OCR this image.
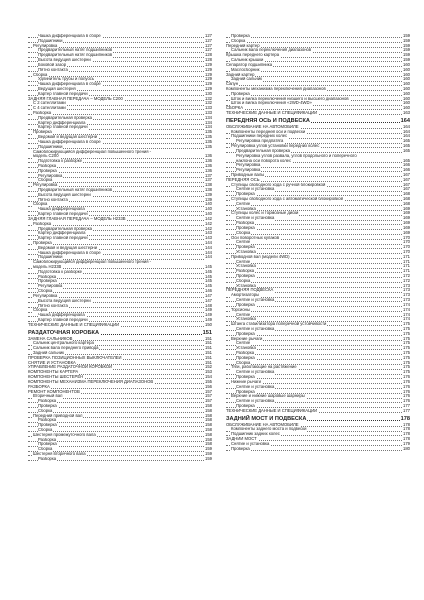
Чашка дифференциала в сборе	127
Подшипники	127
Регулировка	127
Предварительный натяг подшипников	127
Предварительный натяг подшипников	128
Высота ведущей шестерни	128
Боковой зазор	129
Пятно контакта	129
Сборка	129
Удлинитель трубы и полуось	129
Чашка дифференциала в сборе	129
Ведущая шестерня	129
Картер главной передачи	130
ЗАДНЯЯ ГЛАВНАЯ ПЕРЕДАЧА – МОДЕЛЬ С200	132
С 2 сателлитами	132
С 4 сателлитами	133
Разборка	133
Предварительная проверка	134
Картер дифференциала	134
Картер главной передачи	134
Проверка	135
Ведомая и ведущая шестерни	135
Чашка дифференциала в сборе	135
Подшипники	135
Самоблокирующийся дифференциал повышенного трения -
модель С200	136
Подготовка к разборке	136
Разборка	136
Проверка	136
Регулировка	137
Сборка	137
Регулировка	138
Предварительный натяг подшипников	138
Высота ведущей шестерни	139
Пятно контакта	139
Сборка	140
Чашка дифференциала	140
Картер главной передачи	140
ЗАДНЯЯ ГЛАВНАЯ ПЕРЕДАЧА – МОДЕЛЬ Н233В	142
Разборка	142
Предварительная проверка	142
Картер дифференциала	143
Картер главной передачи	143
Проверка	144
Ведомая и ведущая шестерни	144
Чашка дифференциала в сборе	144
Подшипники	144
Самоблокирующийся дифференциал повышенного трения -
модель Н233В	145
Подготовка к разборке	145
Разборка	145
Проверка	145
Регулировка	145
Сборка	146
Регулировка	147
Высота ведущей шестерни	147
Пятно контакта	148
Сборка	149
Чашка дифференциала	149
Картер главной передачи	149
ТЕХНИЧЕСКИЕ ДАННЫЕ И СПЕЦИФИКАЦИИ	150
РАЗДАТОЧНАЯ КОРОБКА	151
ЗАМЕНА САЛЬНИКОВ	151
Сальник центрального картера	151
Сальник вала переднего привода	151
Задний сальник	151
ПРОВЕРКА ПОЗИЦИОННЫХ ВЫКЛЮЧАТЕЛЕЙ	151
СНЯТИЕ И УСТАНОВКА	151
УПРАВЛЕНИЕ РАЗДАТОЧНОЙ КОРОБКОЙ	152
КОМПОНЕНТЫ КАРТЕРА	153
КОМПОНЕНТЫ ШЕСТЕРЕН	154
КОМПОНЕНТЫ МЕХАНИЗМА ПЕРЕКЛЮЧЕНИЯ ДИАПАЗОНОВ	155
РАЗБОРКА	156
РЕМОНТ КОМПОНЕНТОВ	157
Вторичный вал	157
Разборка	157
Проверка	158
Сборка	158
Передний приводной вал	158
Разборка	158
Проверка	158
Сборка	158
Шестерня промежуточного вала	158
Разборка	158
Проверка	158
Сборка	159
Шестерня вторичного вала	159
Разборка	159
Проверка	159
Сборка	159
Передний картер	159
Сальник вала переключения диапазонов	159
Крышка переднего картера	159
Сальник крышки	159
Сепаратор подшипника	160
Маслосборник	160
Задний картер	160
Задний сальник	160
Сапун	160
Компоненты механизма переключения диапазонов	160
Проверка	160
Шток и вилка переключения низшего и высшего диапазонов	160
Шток и вилка переключения «2WD-4WD»	160
СБОРКА	160
ТЕХНИЧЕСКИЕ ДАННЫЕ И СПЕЦИФИКАЦИИ	163
ПЕРЕДНЯЯ ОСЬ И ПОДВЕСКА	164
ОБСЛУЖИВАНИЕ НА АВТОМОБИЛЕ	164
Компоненты передней оси и подвески	164
Подшипники передних колес	164
Регулировка предпатяга	165
Регулировка углов установки передних колес	165
Предварительная проверка	165
Регулировка углов развала, углов продольного и поперечного
наклона оси поворота колес	165
Регулировка	166
Регулировка	166
Приводные валы	167
ПЕРЕДНЯЯ ОСЬ	167
Ступицы свободного хода с ручной блокировкой	167
Снятие и установка	167
Проверка	168
Ступицы свободного хода с автоматической блокировкой	168
Снятие	168
Установка	169
Ступицы колес и тормозные диски	169
Снятие и установка	169
Разборка	169
Проверка	169
Сборка	169
Оси поворотных кулаков	170
Снятие	170
Проверка	170
Установка	170
Приводной вал (модели 4WD)	171
Снятие	171
Установка	171
Разборка	171
Проверка	172
Сборка	172
Установка	173
ПЕРЕДНЯЯ ПОДВЕСКА	173
Амортизаторы	173
Снятие и установка	173
Проверка	174
Торсионы	174
Снятие	174
Установка	174
Штанга стабилизатора поперечной устойчивости	175
Снятие и установка	175
Проверка	175
Верхние рычаги	175
Снятие	175
Установка	175
Разборка	175
Проверка	175
Сборка	175
Тяги, работающие на растяжение	175
Снятие и установка	175
Проверка	176
Нижние рычаги	176
Снятие и установка	176
Проверка	176
Верхние и нижние шаровые шарниры	176
Снятие и установка	176
Проверка	177
ТЕХНИЧЕСКИЕ ДАННЫЕ И СПЕЦИФИКАЦИИ	177
ЗАДНИЙ МОСТ И ПОДВЕСКА	178
ОБСЛУЖИВАНИЕ НА АВТОМОБИЛЕ	178
Компоненты заднего моста и подвески	178
Подшипник задних колес	178
ЗАДНИЙ МОСТ	178
Снятие и установка	179
Проверка	180
